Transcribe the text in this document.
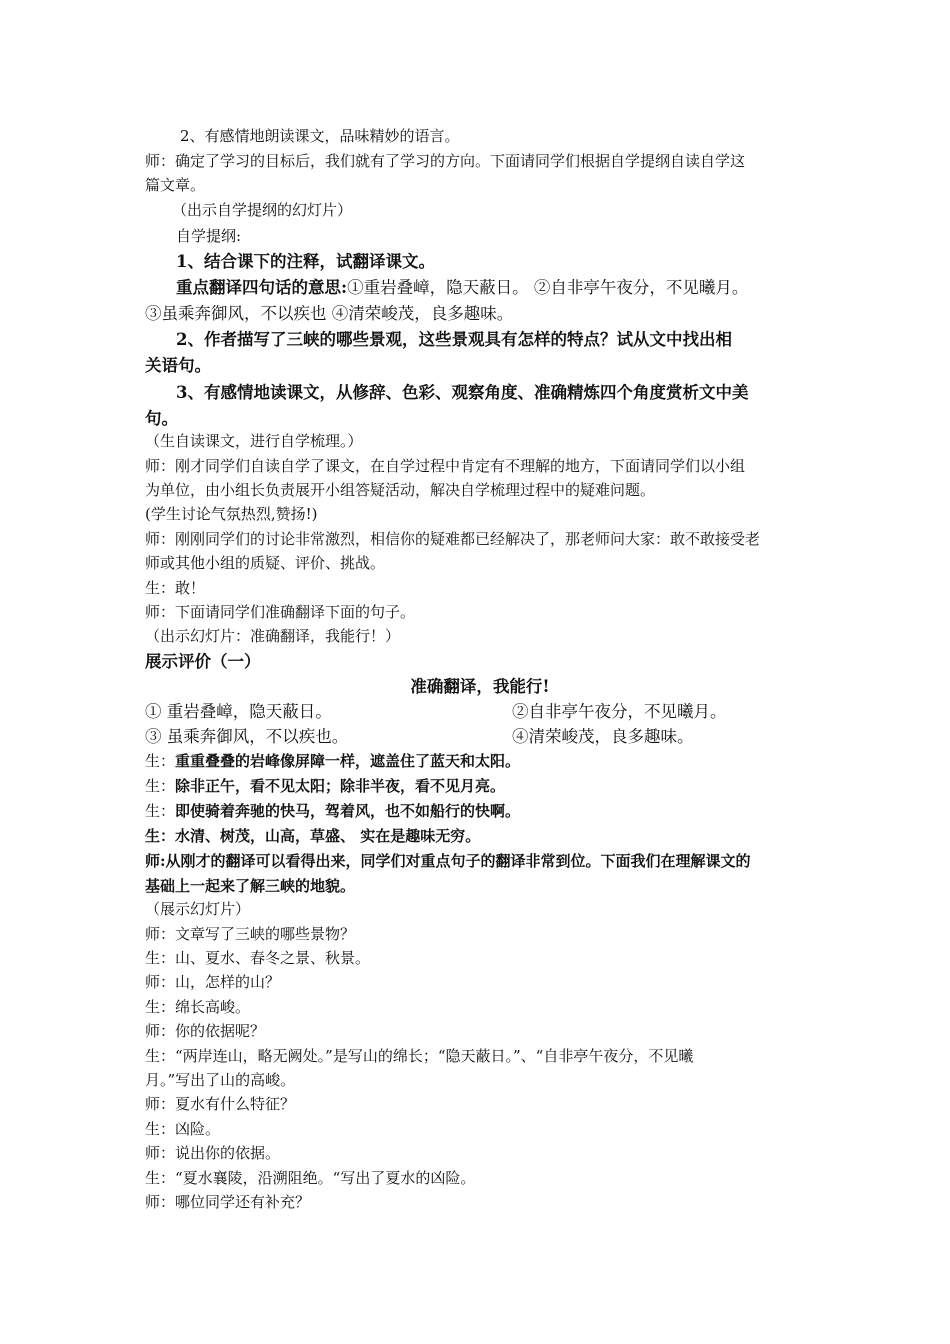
2、有感情地朗读课文，品味精妙的语言。
师：确定了学习的目标后，我们就有了学习的方向。下面请同学们根据自学提纲自读自学这
篇文章。
（出示自学提纲的幻灯片）
自学提纲:
1、结合课下的注释，试翻译课文。
重点翻译四句话的意思:①重岩叠嶂，隐天蔽日。 ②自非亭午夜分，不见曦月。
③虽乘奔御风，不以疾也 ④清荣峻茂，良多趣味。
2、作者描写了三峡的哪些景观，这些景观具有怎样的特点？试从文中找出相
关语句。
3、有感情地读课文，从修辞、色彩、观察角度、准确精炼四个角度赏析文中美
句。
（生自读课文，进行自学梳理。）
师：刚才同学们自读自学了课文，在自学过程中肯定有不理解的地方，下面请同学们以小组
为单位，由小组长负责展开小组答疑活动，解决自学梳理过程中的疑难问题。
(学生讨论气氛热烈,赞扬!)
师：刚刚同学们的讨论非常激烈，相信你的疑难都已经解决了，那老师问大家：敢不敢接受老
师或其他小组的质疑、评价、挑战。
生：敢！
师：下面请同学们准确翻译下面的句子。
（出示幻灯片：准确翻译，我能行！）
展示评价（一）
准确翻译，我能行!
① 重岩叠嶂，隐天蔽日。	②自非亭午夜分，不见曦月。
③ 虽乘奔御风，不以疾也。	④清荣峻茂，良多趣味。
生：重重叠叠的岩峰像屏障一样，遮盖住了蓝天和太阳。
生：除非正午，看不见太阳；除非半夜，看不见月亮。
生：即使骑着奔驰的快马，驾着风，也不如船行的快啊。
生：水清、树茂，山高，草盛、 实在是趣味无穷。
师:从刚才的翻译可以看得出来，同学们对重点句子的翻译非常到位。下面我们在理解课文的
基础上一起来了解三峡的地貌。
（展示幻灯片）
师：文章写了三峡的哪些景物？
生：山、夏水、春冬之景、秋景。
师：山，怎样的山？
生：绵长高峻。
师：你的依据呢？
生：“两岸连山，略无阙处。”是写山的绵长；“隐天蔽日。”、“自非亭午夜分，不见曦
月。”写出了山的高峻。
师：夏水有什么特征？
生：凶险。
师：说出你的依据。
生：“夏水襄陵，沿溯阻绝。“写出了夏水的凶险。
师：哪位同学还有补充？
